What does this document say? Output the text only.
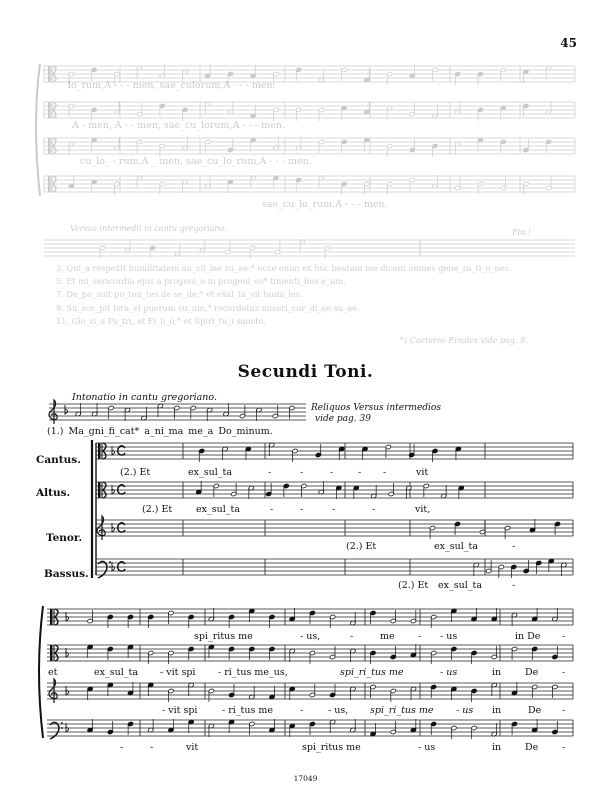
45
lo_rum,A - - - men, sae_culorum,A - - - men.
A - men, A - - men, sae_cu_lorum,A - - - men.
cu_lo_ - rum,A _ men, sae_cu_lo_rum,A - - - men.
sae_cu_lo_rum,A - - - men.
Versus intermedii in cantu gregoriano.	Fin.!
3. Qui_a respexit humilitatem an_cil_lae su_ae:* ecce enim ex hoc beatam me dicent omnes gene_ra_ti_o_nes.
5. Et mi_sericordia ejus a progeni_e in progeni_es* timenti_bus e_um.
7. De_po_suit po_ten_tes de se_de,* et exal_ta_vit humi_les.
9. Su_sce_pit Isra_el puerum su_um,* recordatus miseri_cor_di_ae su_ae.
11. Glo_ri_a Pa_tri, et Fi_li_o,* et Spiri_tu_i sancto.
*) Caeteros Finales vide pag. 8.
Secundi Toni.
Intonatio in cantu gregoriano.
Reliquos Versus intermedios
vide pag. 39
(1.) Ma_gni_fi_cat* a_ni_ma me_a Do_minum.
Cantus.
Altus.
Tenor.
Bassus.
(2.) Et	ex_sul_ta	-	-	-	- -	vit
(2.) Et	ex_sul_ta	-	-	-	-	vit,
(2.) Et	ex_sul_ta	-
(2.) Et ex_sul_ta	-
spi_ritus me	- us,	-	me - - us	in De -
et	ex_sul_ta - vit spi - ri_tus me_us,	spi_ri_tus me	- us	in	De	-
- vit spi	- ri_tus me	-	- us, spi_ri_tus me - us in	De -
-	-	vit	spi_ritus me	- us	in	De	-
17049
